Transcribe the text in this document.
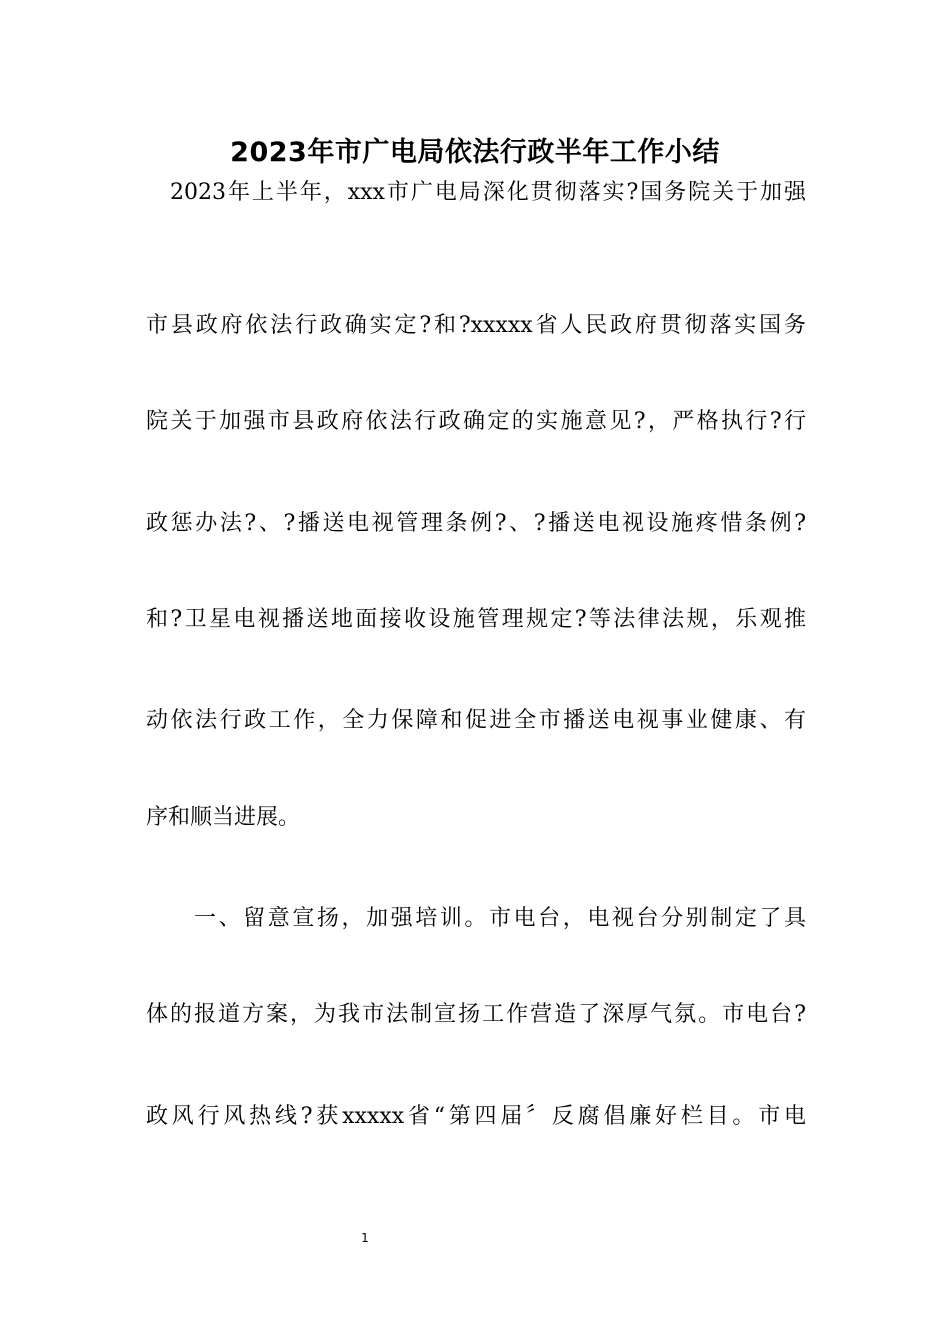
2023年市广电局依法行政半年工作小结
2023年上半年，xxx市广电局深化贯彻落实?国务院关于加强
市县政府依法行政确实定?和?xxxxx省人民政府贯彻落实国务
院关于加强市县政府依法行政确定的实施意见?，严格执行?行
政惩办法?、?播送电视管理条例?、?播送电视设施疼惜条例?
和?卫星电视播送地面接收设施管理规定?等法律法规，乐观推
动依法行政工作，全力保障和促进全市播送电视事业健康、有
序和顺当进展。
一、留意宣扬，加强培训。市电台，电视台分别制定了具
体的报道方案，为我市法制宣扬工作营造了深厚气氛。市电台?
政风行风热线?获xxxxx省“第四届〞反腐倡廉好栏目。市电
1
